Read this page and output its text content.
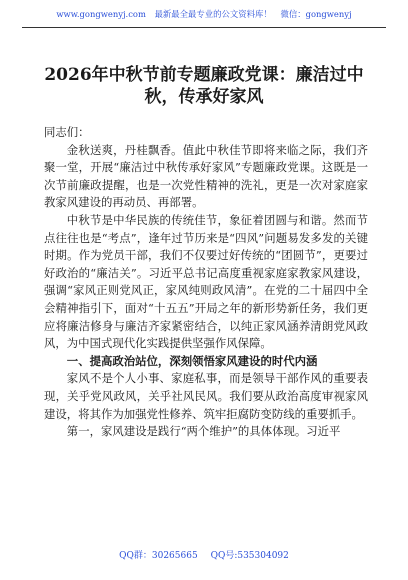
www.gongwenyj.com 最新最全最专业的公文资料库！ 微信：gongwenyj
2026年中秋节前专题廉政党课：廉洁过中
秋，传承好家风

同志们：

金秋送爽，丹桂飘香。值此中秋佳节即将来临之际，我们齐聚一堂，开展“廉洁过中秋传承好家风”专题廉政党课。这既是一次节前廉政提醒，也是一次党性精神的洗礼，更是一次对家庭家教家风建设的再动员、再部署。

中秋节是中华民族的传统佳节，象征着团圆与和谐。然而节点往往也是“考点”，逢年过节历来是“四风”问题易发多发的关键时期。作为党员干部，我们不仅要过好传统的“团圆节”，更要过好政治的“廉洁关”。习近平总书记高度重视家庭家教家风建设，强调“家风正则党风正，家风纯则政风清”。在党的二十届四中全会精神指引下，面对“十五五”开局之年的新形势新任务，我们更应将廉洁修身与廉洁齐家紧密结合，以纯正家风涵养清朗党风政风，为中国式现代化实践提供坚强作风保障。

一、提高政治站位，深刻领悟家风建设的时代内涵

家风不是个人小事、家庭私事，而是领导干部作风的重要表现，关乎党风政风，关乎社风民风。我们要从政治高度审视家风建设，将其作为加强党性修养、筑牢拒腐防变防线的重要抓手。

第一，家风建设是践行“两个维护”的具体体现。习近平

QQ群：30265665 QQ号:535304092
